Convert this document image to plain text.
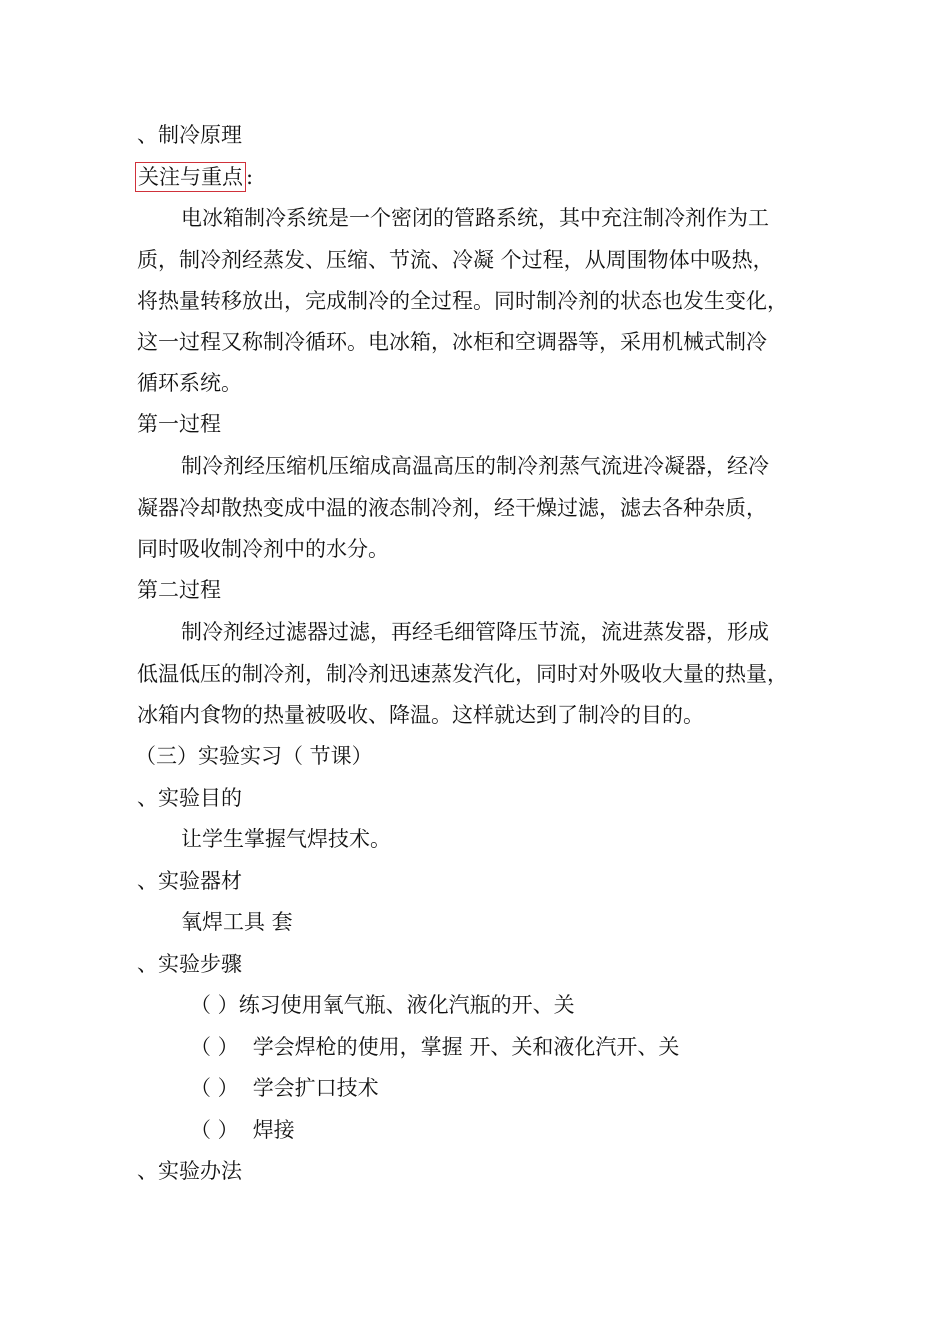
、制冷原理
关注与重点 :
电冰箱制冷系统是一个密闭的管路系统，其中充注制冷剂作为工
质，制冷剂经蒸发、压缩、节流、冷凝 个过程，从周围物体中吸热，
将热量转移放出，完成制冷的全过程。同时制冷剂的状态也发生变化，
这一过程又称制冷循环。电冰箱，冰柜和空调器等，采用机械式制冷
循环系统。
第一过程
制冷剂经压缩机压缩成高温高压的制冷剂蒸气流进冷凝器，经冷
凝器冷却散热变成中温的液态制冷剂，经干燥过滤，滤去各种杂质，
同时吸收制冷剂中的水分。
第二过程
制冷剂经过滤器过滤，再经毛细管降压节流，流进蒸发器，形成
低温低压的制冷剂，制冷剂迅速蒸发汽化，同时对外吸收大量的热量，
冰箱内食物的热量被吸收、降温。这样就达到了制冷的目的。
（三）实验实习（ 节课）
、实验目的
让学生掌握气焊技术。
、实验器材
氧焊工具 套
、实验步骤
（ ）练习使用氧气瓶、液化汽瓶的开、关
（ ） 学会焊枪的使用，掌握 开、关和液化汽开、关
（ ） 学会扩口技术
（ ） 焊接
、实验办法
